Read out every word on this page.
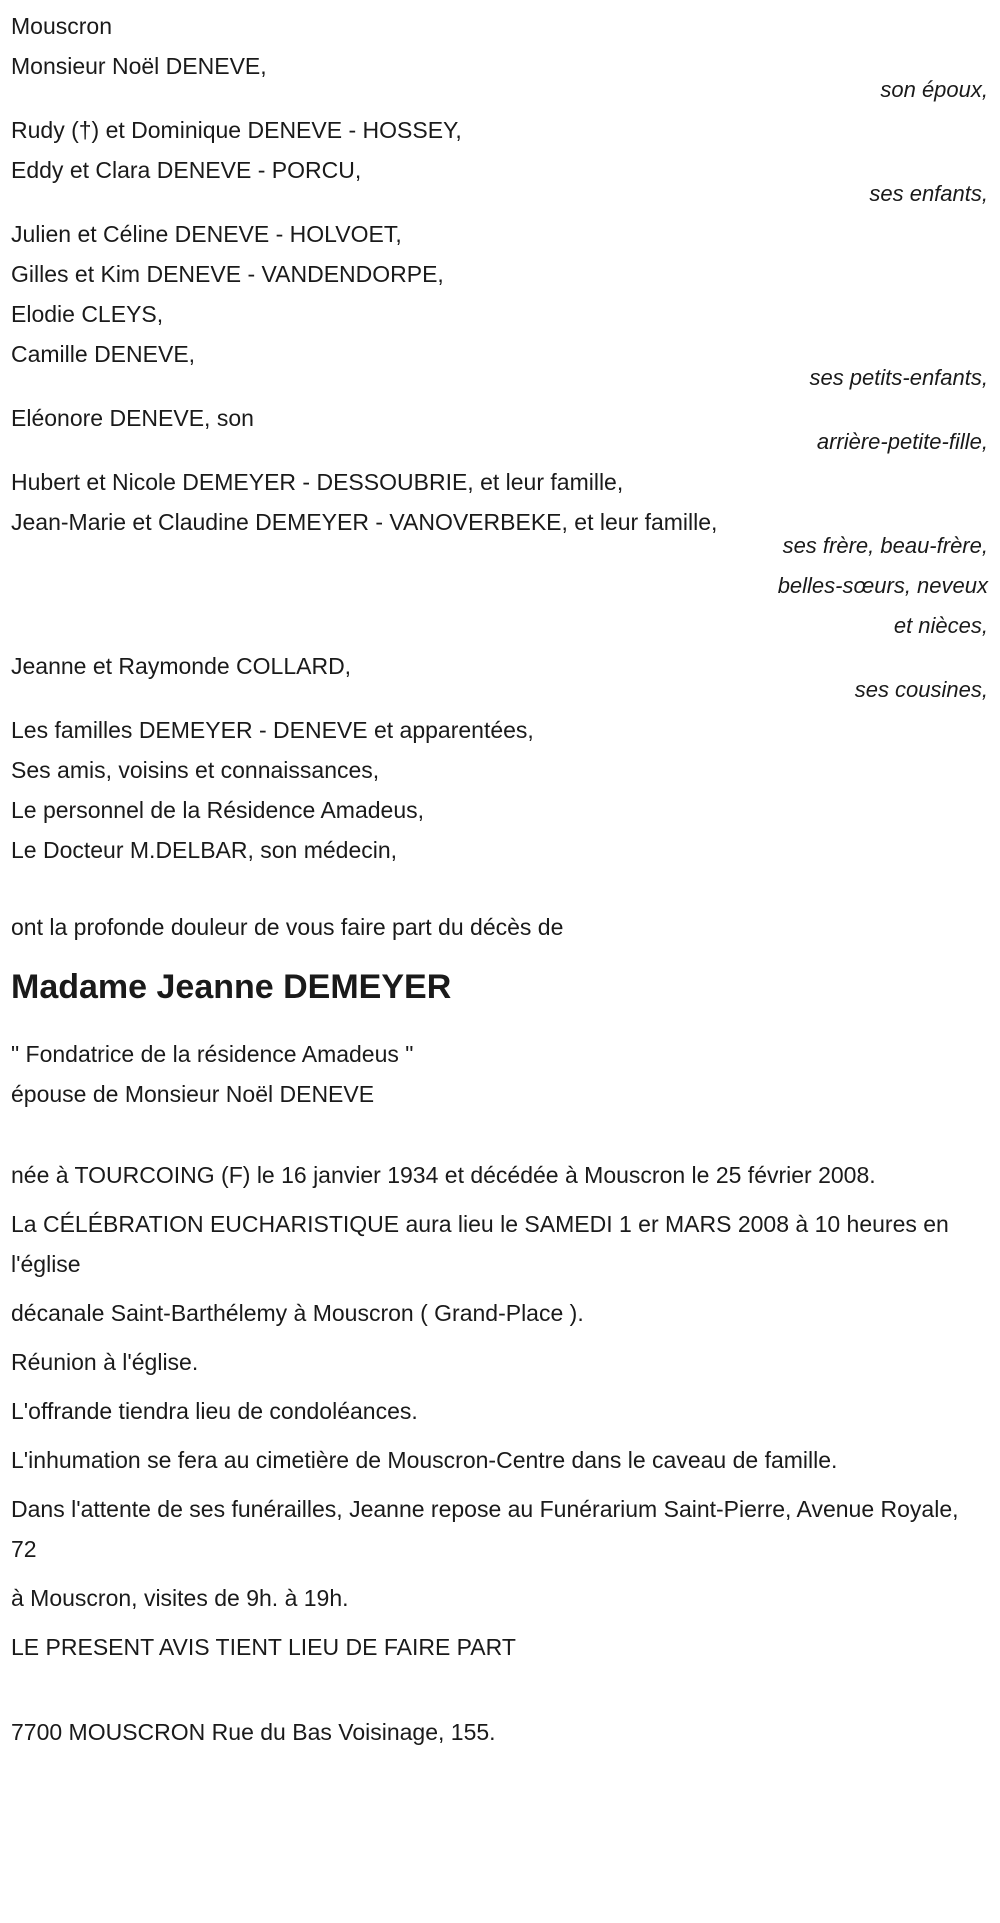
Mouscron
Monsieur Noël DENEVE,
son époux,
Rudy (†) et Dominique DENEVE - HOSSEY,
Eddy et Clara DENEVE - PORCU,
ses enfants,
Julien et Céline DENEVE - HOLVOET,
Gilles et Kim DENEVE - VANDENDORPE,
Elodie CLEYS,
Camille DENEVE,
ses petits-enfants,
Eléonore DENEVE, son
arrière-petite-fille,
Hubert et Nicole DEMEYER - DESSOUBRIE, et leur famille,
Jean-Marie et Claudine DEMEYER - VANOVERBEKE, et leur famille,
ses frère, beau-frère, belles-sœurs, neveux et nièces,
Jeanne et Raymonde COLLARD,
ses cousines,
Les familles DEMEYER - DENEVE et apparentées,
Ses amis, voisins et connaissances,
Le personnel de la Résidence Amadeus,
Le Docteur M.DELBAR, son médecin,
ont la profonde douleur de vous faire part du décès de
Madame Jeanne DEMEYER
" Fondatrice de la résidence Amadeus "
épouse de Monsieur Noël DENEVE
née à TOURCOING (F) le 16 janvier 1934 et décédée à Mouscron le 25 février 2008.
La CÉLÉBRATION EUCHARISTIQUE aura lieu le SAMEDI 1 er MARS 2008 à 10 heures en l'église
décanale Saint-Barthélemy à Mouscron ( Grand-Place ).
Réunion à l'église.
L'offrande tiendra lieu de condoléances.
L'inhumation se fera au cimetière de Mouscron-Centre dans le caveau de famille.
Dans l'attente de ses funérailles, Jeanne repose au Funérarium Saint-Pierre, Avenue Royale, 72
à Mouscron, visites de 9h. à 19h.
LE PRESENT AVIS TIENT LIEU DE FAIRE PART
7700 MOUSCRON Rue du Bas Voisinage, 155.
